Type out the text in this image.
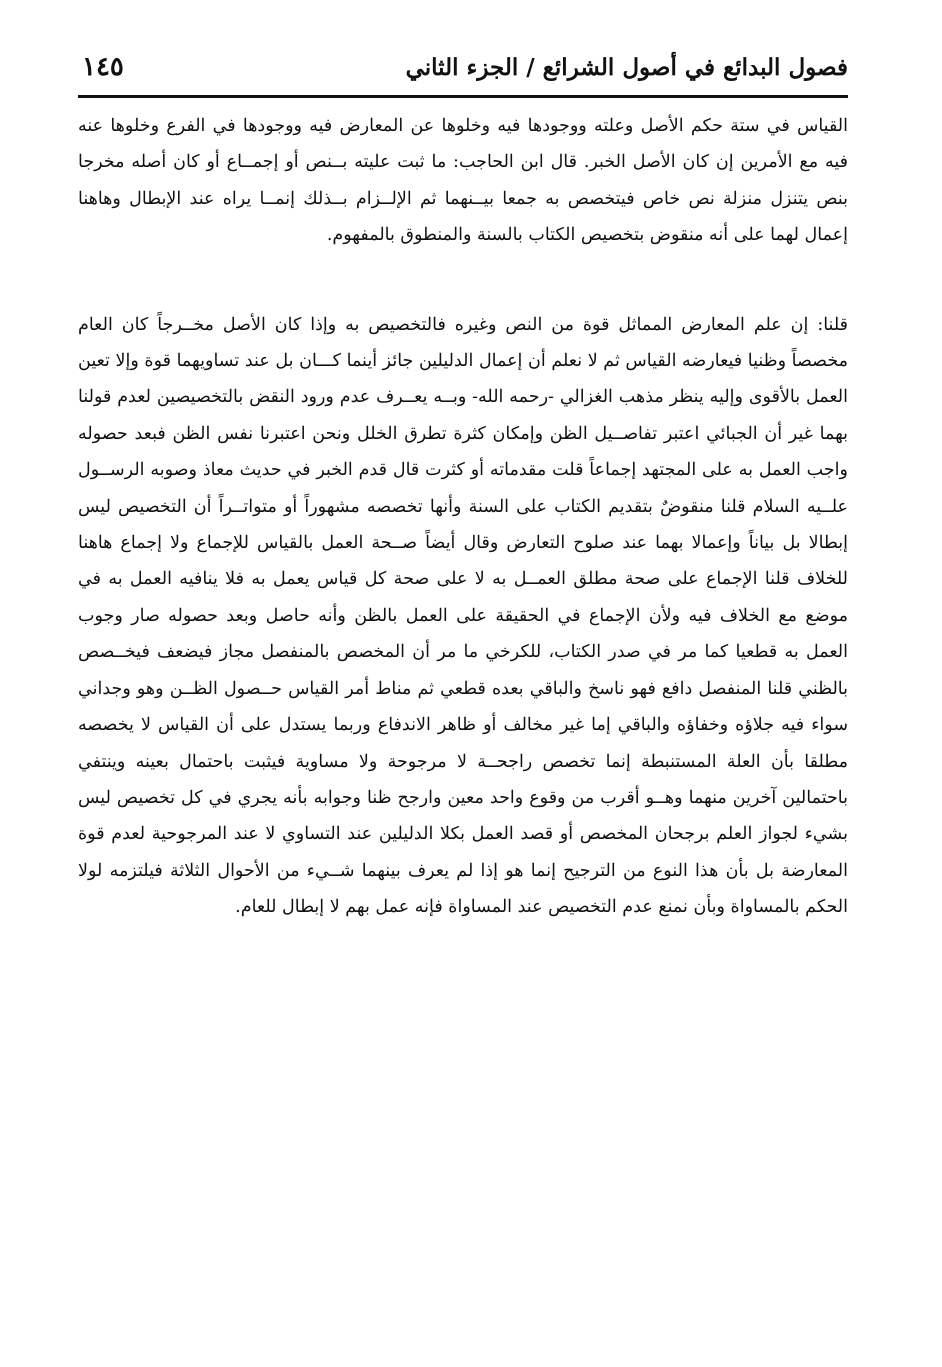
فصول البدائع في أصول الشرائع / الجزء الثاني
١٤٥

القياس في ستة حكم الأصل وعلته ووجودها فيه وخلوها عن المعارض فيه ووجودها في الفرع وخلوها عنه فيه مع الأمرين إن كان الأصل الخبر. قال ابن الحاجب: ما ثبت عليته بــنص أو إجمــاع أو كان أصله مخرجا بنص يتنزل منزلة نص خاص فيتخصص به جمعا بيــنهما ثم الإلــزام بــذلك إنمــا يراه عند الإبطال وهاهنا إعمال لهما على أنه منقوض بتخصيص الكتاب بالسنة والمنطوق بالمفهوم.

قلنا: إن علم المعارض المماثل قوة من النص وغيره فالتخصيص به وإذا كان الأصل مخــرجاً كان العام مخصصاً وظنيا فيعارضه القياس ثم لا نعلم أن إعمال الدليلين جائز أينما كـــان بل عند تساويهما قوة وإلا تعين العمل بالأقوى وإليه ينظر مذهب الغزالي -رحمه الله- وبــه يعــرف عدم ورود النقض بالتخصيصين لعدم قولنا بهما غير أن الجبائي اعتبر تفاصــيل الظن وإمكان كثرة تطرق الخلل ونحن اعتبرنا نفس الظن فبعد حصوله واجب العمل به على المجتهد إجماعاً قلت مقدماته أو كثرت قال قدم الخبر في حديث معاذ وصوبه الرســول علــيه السلام قلنا منقوضٌ بتقديم الكتاب على السنة وأنها تخصصه مشهوراً أو متواتــراً أن التخصيص ليس إبطالا بل بياناً وإعمالا بهما عند صلوح التعارض وقال أيضاً صــحة العمل بالقياس للإجماع ولا إجماع هاهنا للخلاف قلنا الإجماع على صحة مطلق العمــل به لا على صحة كل قياس يعمل به فلا ينافيه العمل به في موضع مع الخلاف فيه ولأن الإجماع في الحقيقة على العمل بالظن وأنه حاصل وبعد حصوله صار وجوب العمل به قطعيا كما مر في صدر الكتاب، للكرخي ما مر أن المخصص بالمنفصل مجاز فيضعف فيخــصص بالظني قلنا المنفصل دافع فهو ناسخ والباقي بعده قطعي ثم مناط أمر القياس حــصول الظــن وهو وجداني سواء فيه جلاؤه وخفاؤه والباقي إما غير مخالف أو ظاهر الاندفاع وربما يستدل على أن القياس لا يخصصه مطلقا بأن العلة المستنبطة إنما تخصص راجحــة لا مرجوحة ولا مساوية فيثبت باحتمال بعينه وينتفي باحتمالين آخرين منهما وهــو أقرب من وقوع واحد معين وارجح ظنا وجوابه بأنه يجري في كل تخصيص ليس بشيء لجواز العلم برجحان المخصص أو قصد العمل بكلا الدليلين عند التساوي لا عند المرجوحية لعدم قوة المعارضة بل بأن هذا النوع من الترجيح إنما هو إذا لم يعرف بينهما شــيء من الأحوال الثلاثة فيلتزمه لولا الحكم بالمساواة وبأن نمنع عدم التخصيص عند المساواة فإنه عمل بهم لا إبطال للعام.
